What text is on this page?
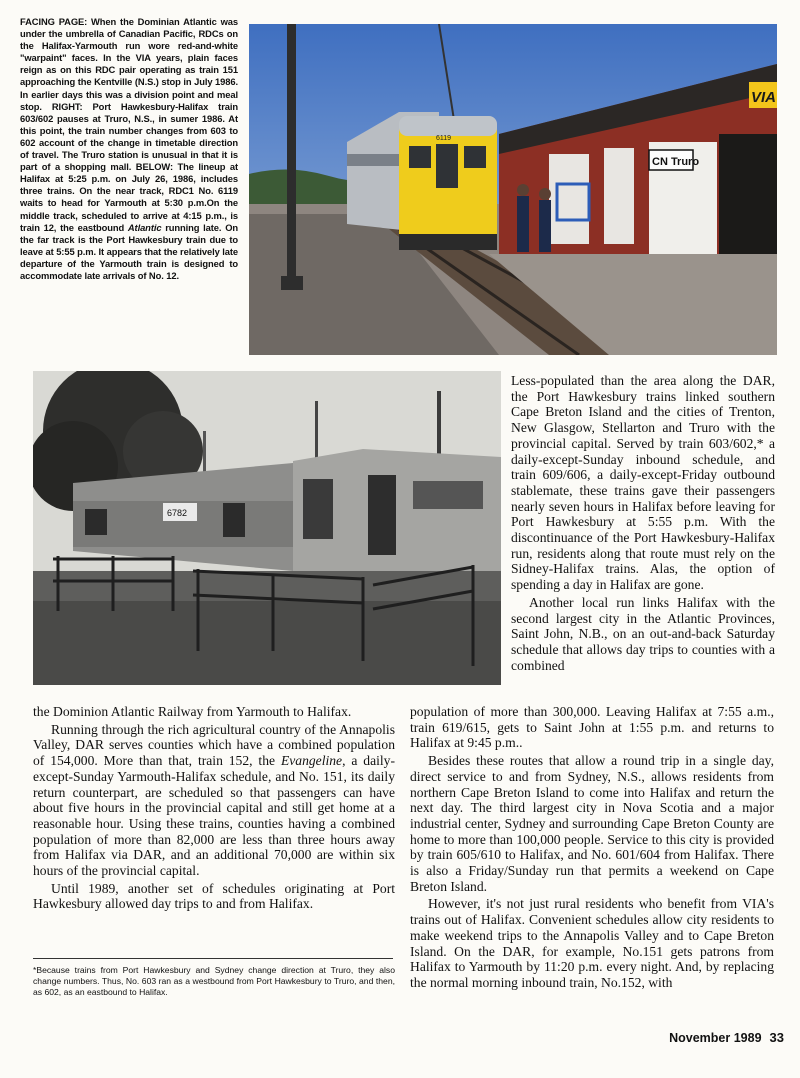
FACING PAGE: When the Dominian Atlantic was under the umbrella of Canadian Pacific, RDCs on the Halifax-Yarmouth run wore red-and-white "warpaint" faces. In the VIA years, plain faces reign as on this RDC pair operating as train 151 approaching the Kentville (N.S.) stop in July 1986. In earlier days this was a division point and meal stop. RIGHT: Port Hawkesbury-Halifax train 603/602 pauses at Truro, N.S., in sumer 1986. At this point, the train number changes from 603 to 602 account of the change in timetable direction of travel. The Truro station is unusual in that it is part of a shopping mall. BELOW: The lineup at Halifax at 5:25 p.m. on July 26, 1986, includes three trains. On the near track, RDC1 No. 6119 waits to head for Yarmouth at 5:30 p.m.On the middle track, scheduled to arrive at 4:15 p.m., is train 12, the eastbound Atlantic running late. On the far track is the Port Hawkesbury train due to leave at 5:55 p.m. It appears that the relatively late departure of the Yarmouth train is designed to accommodate late arrivals of No. 12.

CN Truro
VIA
6119
6782

Less-populated than the area along the DAR, the Port Hawkesbury trains linked southern Cape Breton Island and the cities of Trenton, New Glasgow, Stellarton and Truro with the provincial capital. Served by train 603/602,* a daily-except-Sunday inbound schedule, and train 609/606, a daily-except-Friday outbound stablemate, these trains gave their passengers nearly seven hours in Halifax before leaving for Port Hawkesbury at 5:55 p.m. With the discontinuance of the Port Hawkesbury-Halifax run, residents along that route must rely on the Sidney-Halifax trains. Alas, the option of spending a day in Halifax are gone.

Another local run links Halifax with the second largest city in the Atlantic Provinces, Saint John, N.B., on an out-and-back Saturday schedule that allows day trips to counties with a combined

the Dominion Atlantic Railway from Yarmouth to Halifax.

Running through the rich agricultural country of the Annapolis Valley, DAR serves counties which have a combined population of 154,000. More than that, train 152, the Evangeline, a daily-except-Sunday Yarmouth-Halifax schedule, and No. 151, its daily return counterpart, are scheduled so that passengers can have about five hours in the provincial capital and still get home at a reasonable hour. Using these trains, counties having a combined population of more than 82,000 are less than three hours away from Halifax via DAR, and an additional 70,000 are within six hours of the provincial capital.

Until 1989, another set of schedules originating at Port Hawkesbury allowed day trips to and from Halifax.

population of more than 300,000. Leaving Halifax at 7:55 a.m., train 619/615, gets to Saint John at 1:55 p.m. and returns to Halifax at 9:45 p.m..

Besides these routes that allow a round trip in a single day, direct service to and from Sydney, N.S., allows residents from northern Cape Breton Island to come into Halifax and return the next day. The third largest city in Nova Scotia and a major industrial center, Sydney and surrounding Cape Breton County are home to more than 100,000 people. Service to this city is provided by train 605/610 to Halifax, and No. 601/604 from Halifax. There is also a Friday/Sunday run that permits a weekend on Cape Breton Island.

However, it's not just rural residents who benefit from VIA's trains out of Halifax. Convenient schedules allow city residents to make weekend trips to the Annapolis Valley and to Cape Breton Island. On the DAR, for example, No.151 gets patrons from Halifax to Yarmouth by 11:20 p.m. every night. And, by replacing the normal morning inbound train, No.152, with

*Because trains from Port Hawkesbury and Sydney change direction at Truro, they also change numbers. Thus, No. 603 ran as a westbound from Port Hawkesbury to Truro, and then, as 602, as an eastbound to Halifax.
November 1989 33
